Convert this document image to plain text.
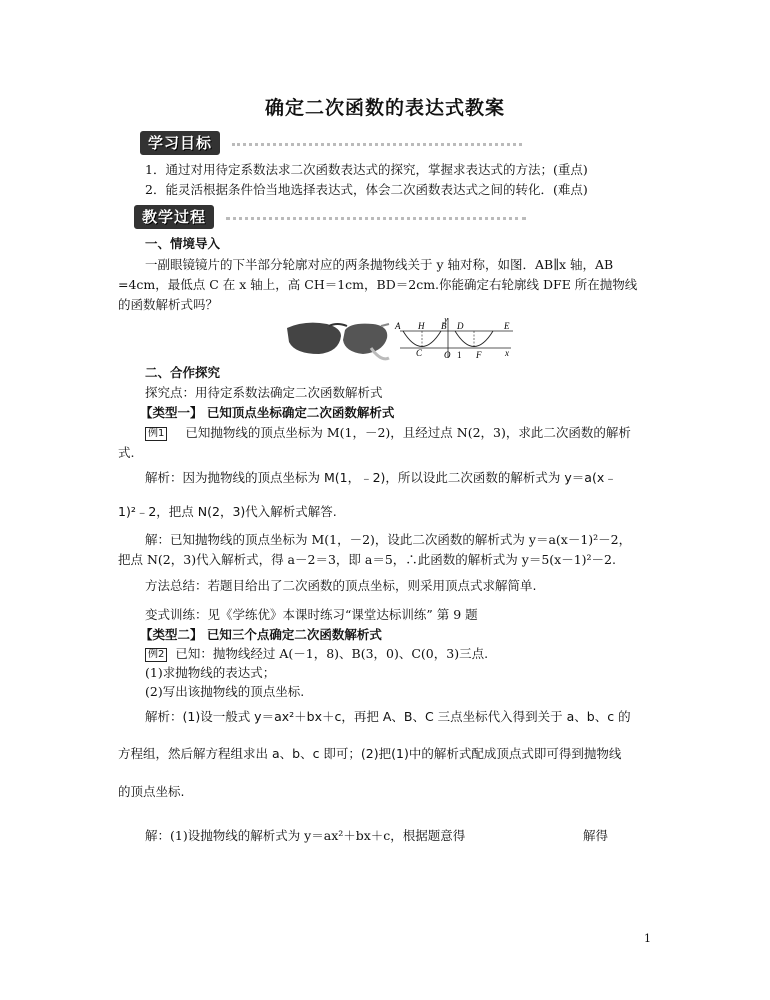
确定二次函数的表达式教案
学习目标
1．通过对用待定系数法求二次函数表达式的探究，掌握求表达式的方法；(重点)
2．能灵活根据条件恰当地选择表达式，体会二次函数表达式之间的转化．(难点)
教学过程
一、情境导入
一副眼镜镜片的下半部分轮廓对应的两条抛物线关于 y 轴对称，如图．AB∥x 轴，AB
=4cm，最低点 C 在 x 轴上，高 CH＝1cm，BD＝2cm.你能确定右轮廓线 DFE 所在抛物线
的函数解析式吗？
A H B D	E
y
C O 1 F	x
二、合作探究
探究点：用待定系数法确定二次函数解析式
【类型一】 已知顶点坐标确定二次函数解析式
例1 已知抛物线的顶点坐标为 M(1，－2)，且经过点 N(2，3)，求此二次函数的解析
式.
解析：因为抛物线的顶点坐标为 M(1，﹣2)，所以设此二次函数的解析式为 y＝a(x﹣
1)²﹣2，把点 N(2，3)代入解析式解答.
解：已知抛物线的顶点坐标为 M(1，－2)，设此二次函数的解析式为 y＝a(x－1)²－2，
把点 N(2，3)代入解析式，得 a－2＝3，即 a＝5，∴此函数的解析式为 y＝5(x－1)²－2.
方法总结：若题目给出了二次函数的顶点坐标，则采用顶点式求解简单.
变式训练：见《学练优》本课时练习“课堂达标训练” 第 9 题
【类型二】 已知三个点确定二次函数解析式
例2 已知：抛物线经过 A(－1，8)、B(3，0)、C(0，3)三点.
(1)求抛物线的表达式；
(2)写出该抛物线的顶点坐标.
解析：(1)设一般式 y＝ax²＋bx＋c，再把 A、B、C 三点坐标代入得到关于 a、b、c 的
方程组，然后解方程组求出 a、b、c 即可；(2)把(1)中的解析式配成顶点式即可得到抛物线
的顶点坐标.
解：(1)设抛物线的解析式为 y＝ax²＋bx＋c，根据题意得	解得
1
